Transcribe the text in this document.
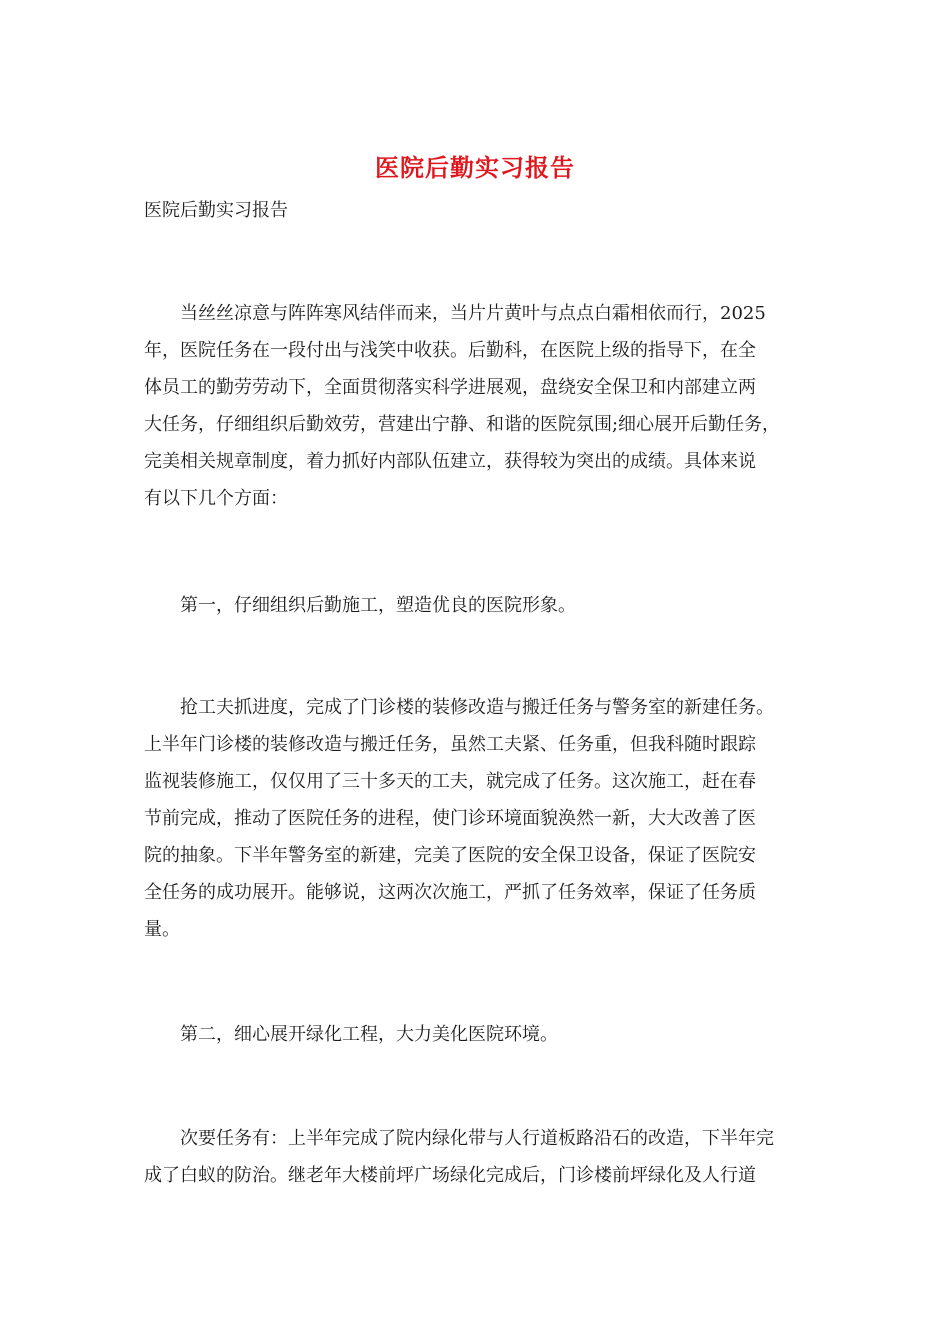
医院后勤实习报告
医院后勤实习报告
　　当丝丝凉意与阵阵寒风结伴而来，当片片黄叶与点点白霜相依而行，2025
年，医院任务在一段付出与浅笑中收获。后勤科，在医院上级的指导下，在全
体员工的勤劳劳动下，全面贯彻落实科学进展观，盘绕安全保卫和内部建立两
大任务，仔细组织后勤效劳，营建出宁静、和谐的医院氛围;细心展开后勤任务，
完美相关规章制度，着力抓好内部队伍建立，获得较为突出的成绩。具体来说
有以下几个方面：
　　第一，仔细组织后勤施工，塑造优良的医院形象。
　　抢工夫抓进度，完成了门诊楼的装修改造与搬迁任务与警务室的新建任务。
上半年门诊楼的装修改造与搬迁任务，虽然工夫紧、任务重，但我科随时跟踪
监视装修施工，仅仅用了三十多天的工夫，就完成了任务。这次施工，赶在春
节前完成，推动了医院任务的进程，使门诊环境面貌涣然一新，大大改善了医
院的抽象。下半年警务室的新建，完美了医院的安全保卫设备，保证了医院安
全任务的成功展开。能够说，这两次次施工，严抓了任务效率，保证了任务质
量。
　　第二，细心展开绿化工程，大力美化医院环境。
　　次要任务有：上半年完成了院内绿化带与人行道板路沿石的改造，下半年完
成了白蚁的防治。继老年大楼前坪广场绿化完成后，门诊楼前坪绿化及人行道
